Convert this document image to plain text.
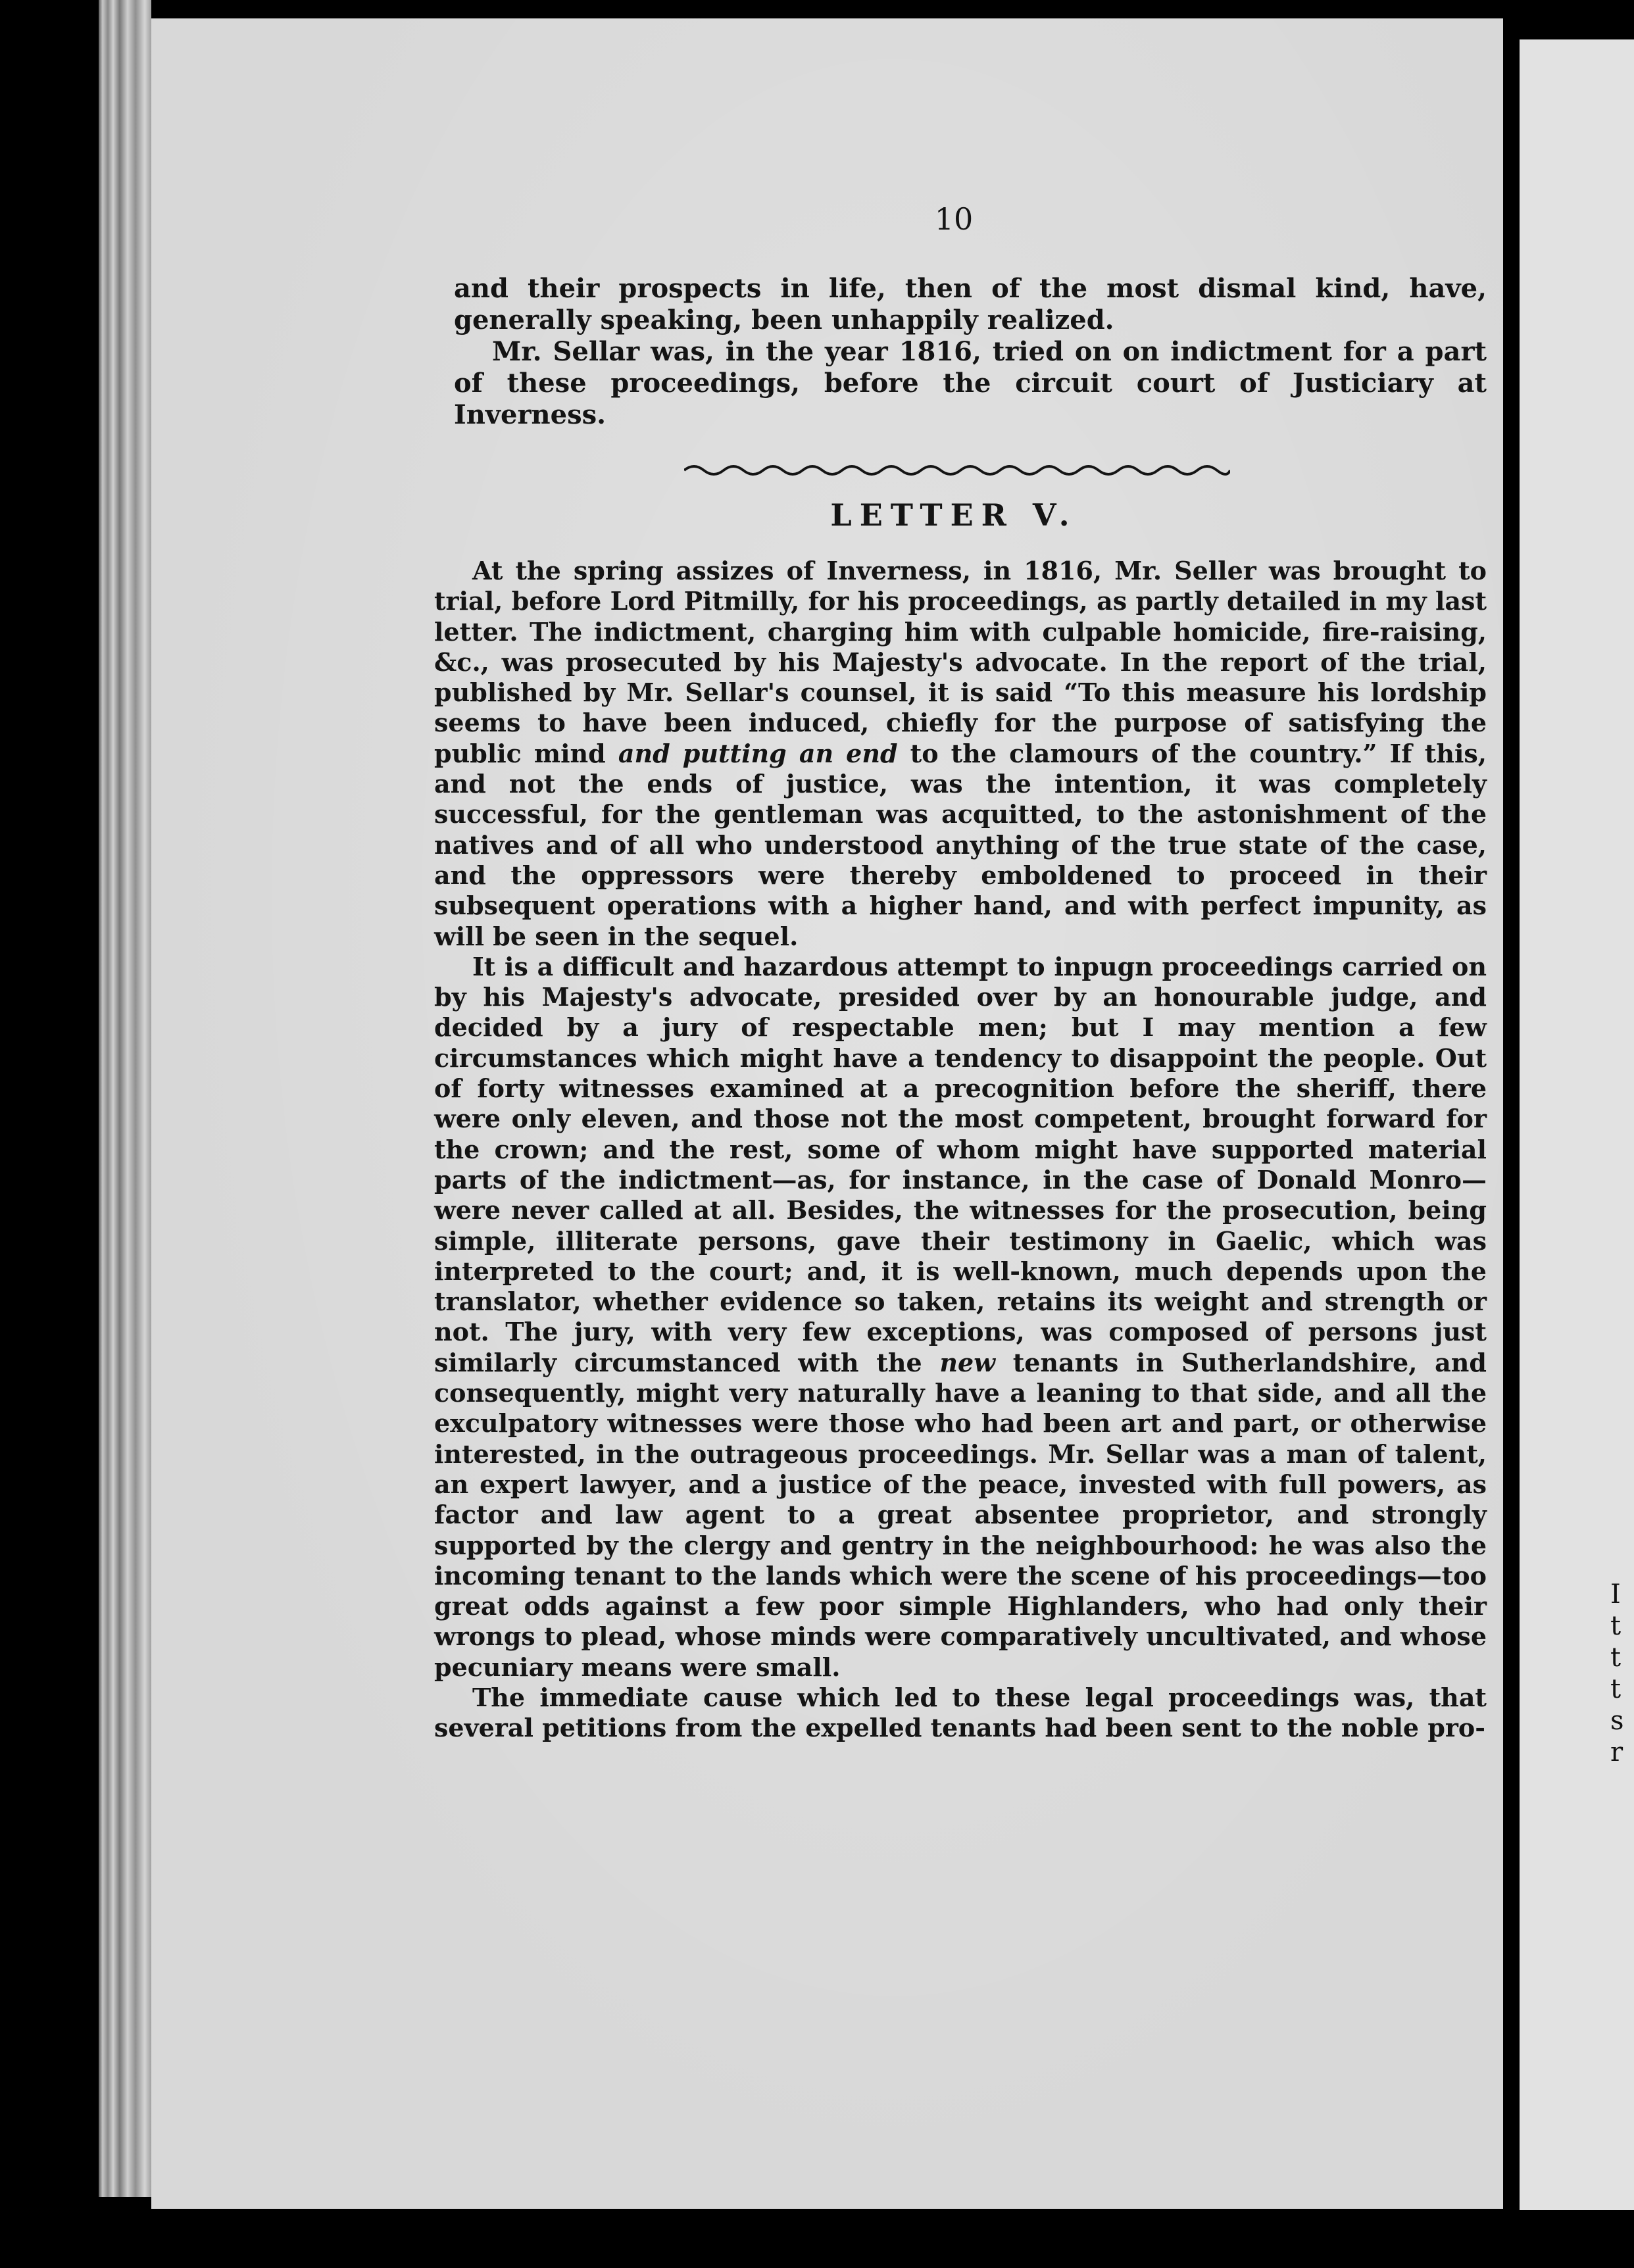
I
t
t
t
s
r
10

and their prospects in life, then of the most dismal kind, have, generally speaking, been unhappily realized.

Mr. Sellar was, in the year 1816, tried on on indictment for a part of these proceedings, before the circuit court of Justiciary at Inverness.

LETTER V.

At the spring assizes of Inverness, in 1816, Mr. Seller was brought to trial, before Lord Pitmilly, for his proceedings, as partly detailed in my last letter. The indictment, charging him with culpable homicide, fire-raising, &c., was prosecuted by his Majesty's advocate. In the report of the trial, published by Mr. Sellar's counsel, it is said “To this measure his lordship seems to have been induced, chiefly for the purpose of satisfying the public mind and putting an end to the clamours of the country.” If this, and not the ends of justice, was the intention, it was completely successful, for the gentleman was acquitted, to the astonishment of the natives and of all who understood anything of the true state of the case, and the oppressors were thereby emboldened to proceed in their subsequent operations with a higher hand, and with perfect impunity, as will be seen in the sequel.

It is a difficult and hazardous attempt to inpugn proceedings carried on by his Majesty's advocate, presided over by an honourable judge, and decided by a jury of respectable men; but I may mention a few circumstances which might have a tendency to disappoint the people. Out of forty witnesses examined at a precognition before the sheriff, there were only eleven, and those not the most competent, brought forward for the crown; and the rest, some of whom might have supported material parts of the indictment—as, for instance, in the case of Donald Monro—were never called at all. Besides, the witnesses for the prosecution, being simple, illiterate persons, gave their testimony in Gaelic, which was interpreted to the court; and, it is well-known, much depends upon the translator, whether evidence so taken, retains its weight and strength or not. The jury, with very few exceptions, was composed of persons just similarly circumstanced with the new tenants in Sutherlandshire, and consequently, might very naturally have a leaning to that side, and all the exculpatory witnesses were those who had been art and part, or otherwise interested, in the outrageous proceedings. Mr. Sellar was a man of talent, an expert lawyer, and a justice of the peace, invested with full powers, as factor and law agent to a great absentee proprietor, and strongly supported by the clergy and gentry in the neighbourhood: he was also the incoming tenant to the lands which were the scene of his proceedings—too great odds against a few poor simple Highlanders, who had only their wrongs to plead, whose minds were comparatively uncultivated, and whose pecuniary means were small.

The immediate cause which led to these legal proceedings was, that several petitions from the expelled tenants had been sent to the noble pro-
